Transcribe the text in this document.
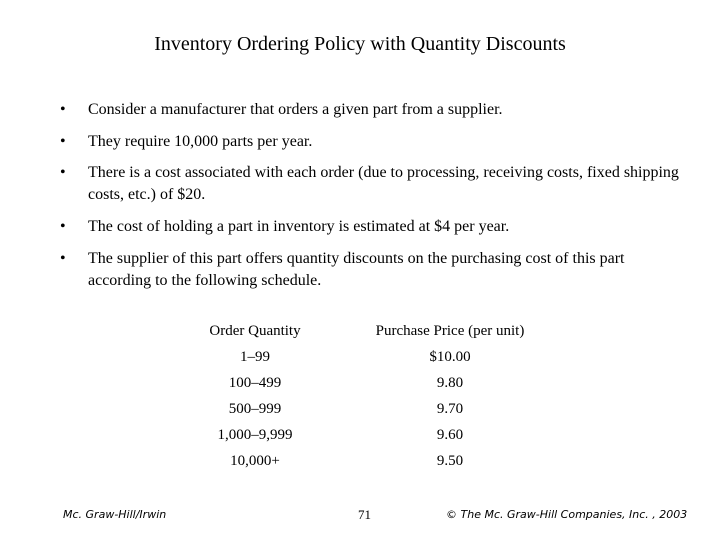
Inventory Ordering Policy with Quantity Discounts
• Consider a manufacturer that orders a given part from a supplier.
• They require 10,000 parts per year.
• There is a cost associated with each order (due to processing, receiving costs, fixed shipping costs, etc.) of $20.
• The cost of holding a part in inventory is estimated at $4 per year.
• The supplier of this part offers quantity discounts on the purchasing cost of this part according to the following schedule.
Order Quantity	Purchase Price (per unit)
1–99	$10.00
100–499	9.80
500–999	9.70
1,000–9,999	9.60
10,000+	9.50
Mc. Graw-Hill/Irwin	71	© The Mc. Graw-Hill Companies, Inc. , 2003
